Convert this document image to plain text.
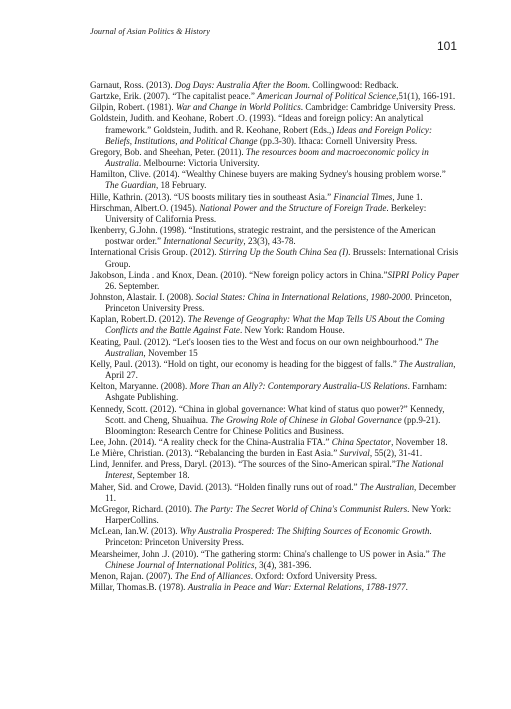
Journal of Asian Politics & History
101
Garnaut, Ross. (2013). Dog Days: Australia After the Boom. Collingwood: Redback.
Gartzke, Erik. (2007). “The capitalist peace.” American Journal of Political Science,51(1), 166-191.
Gilpin, Robert. (1981). War and Change in World Politics. Cambridge: Cambridge University Press.
Goldstein, Judith. and Keohane, Robert .O. (1993). “Ideas and foreign policy: An analytical framework.” Goldstein, Judith. and R. Keohane, Robert (Eds.,) Ideas and Foreign Policy: Beliefs, Institutions, and Political Change (pp.3-30). Ithaca: Cornell University Press.
Gregory, Bob. and Sheehan, Peter. (2011). The resources boom and macroeconomic policy in Australia. Melbourne: Victoria University.
Hamilton, Clive. (2014). “Wealthy Chinese buyers are making Sydney's housing problem worse.” The Guardian, 18 February.
Hille, Kathrin. (2013). “US boosts military ties in southeast Asia.” Financial Times, June 1.
Hirschman, Albert.O. (1945). National Power and the Structure of Foreign Trade. Berkeley: University of California Press.
Ikenberry, G.John. (1998). “Institutions, strategic restraint, and the persistence of the American postwar order.” International Security, 23(3), 43-78.
International Crisis Group. (2012). Stirring Up the South China Sea (I). Brussels: International Crisis Group.
Jakobson, Linda . and Knox, Dean. (2010). “New foreign policy actors in China.”SIPRI Policy Paper 26. September.
Johnston, Alastair. I. (2008). Social States: China in International Relations, 1980-2000. Princeton, Princeton University Press.
Kaplan, Robert.D. (2012). The Revenge of Geography: What the Map Tells US About the Coming Conflicts and the Battle Against Fate. New York: Random House.
Keating, Paul. (2012). “Let's loosen ties to the West and focus on our own neighbourhood.” The Australian, November 15
Kelly, Paul. (2013). “Hold on tight, our economy is heading for the biggest of falls.” The Australian, April 27.
Kelton, Maryanne. (2008). More Than an Ally?: Contemporary Australia-US Relations. Farnham: Ashgate Publishing.
Kennedy, Scott. (2012). “China in global governance: What kind of status quo power?” Kennedy, Scott. and Cheng, Shuaihua. The Growing Role of Chinese in Global Governance (pp.9-21). Bloomington: Research Centre for Chinese Politics and Business.
Lee, John. (2014). “A reality check for the China-Australia FTA.” China Spectator, November 18.
Le Mière, Christian. (2013). “Rebalancing the burden in East Asia.” Survival, 55(2), 31-41.
Lind, Jennifer. and Press, Daryl. (2013). “The sources of the Sino-American spiral.”The National Interest, September 18.
Maher, Sid. and Crowe, David. (2013). “Holden finally runs out of road.” The Australian, December 11.
McGregor, Richard. (2010). The Party: The Secret World of China's Communist Rulers. New York: HarperCollins.
McLean, Ian.W. (2013). Why Australia Prospered: The Shifting Sources of Economic Growth. Princeton: Princeton University Press.
Mearsheimer, John .J. (2010). “The gathering storm: China's challenge to US power in Asia.” The Chinese Journal of International Politics, 3(4), 381-396.
Menon, Rajan. (2007). The End of Alliances. Oxford: Oxford University Press.
Millar, Thomas.B. (1978). Australia in Peace and War: External Relations, 1788-1977.
